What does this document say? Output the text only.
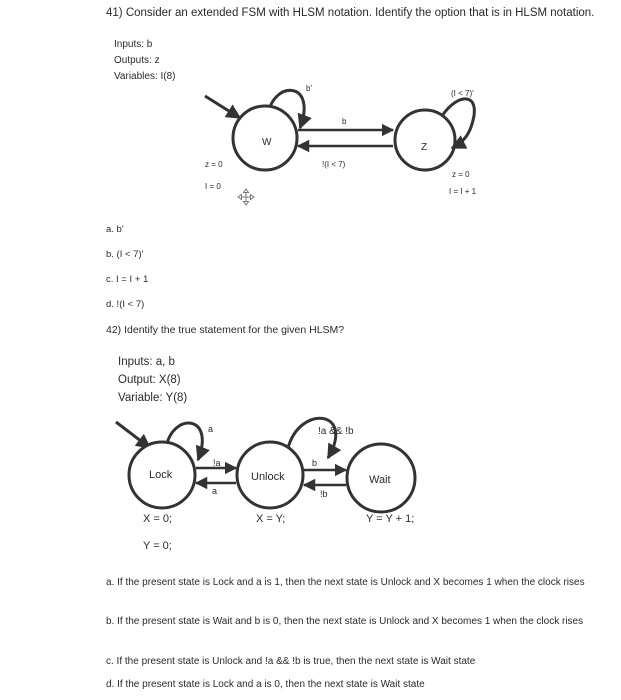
41) Consider an extended FSM with HLSM notation. Identify the option that is in HLSM notation.
Inputs: b
Outputs: z
Variables: I(8)
W	Z
b'
b
!(I < 7)
(I < 7)'
z = 0
I = 0
z = 0
I = I + 1
Lock	Unlock	Wait
a
!a
a
!a && !b
b
!b
X = 0;
Y = 0;
X = Y;	Y = Y + 1;
a. b'
b. (I < 7)'
c. I = I + 1
d. !(I < 7)
42) Identify the true statement for the given HLSM?
Inputs: a, b
Output: X(8)
Variable: Y(8)
a. If the present state is Lock and a is 1, then the next state is Unlock and X becomes 1 when the clock rises
b. If the present state is Wait and b is 0, then the next state is Unlock and X becomes 1 when the clock rises
c. If the present state is Unlock and !a && !b is true, then the next state is Wait state
d. If the present state is Lock and a is 0, then the next state is Wait state
